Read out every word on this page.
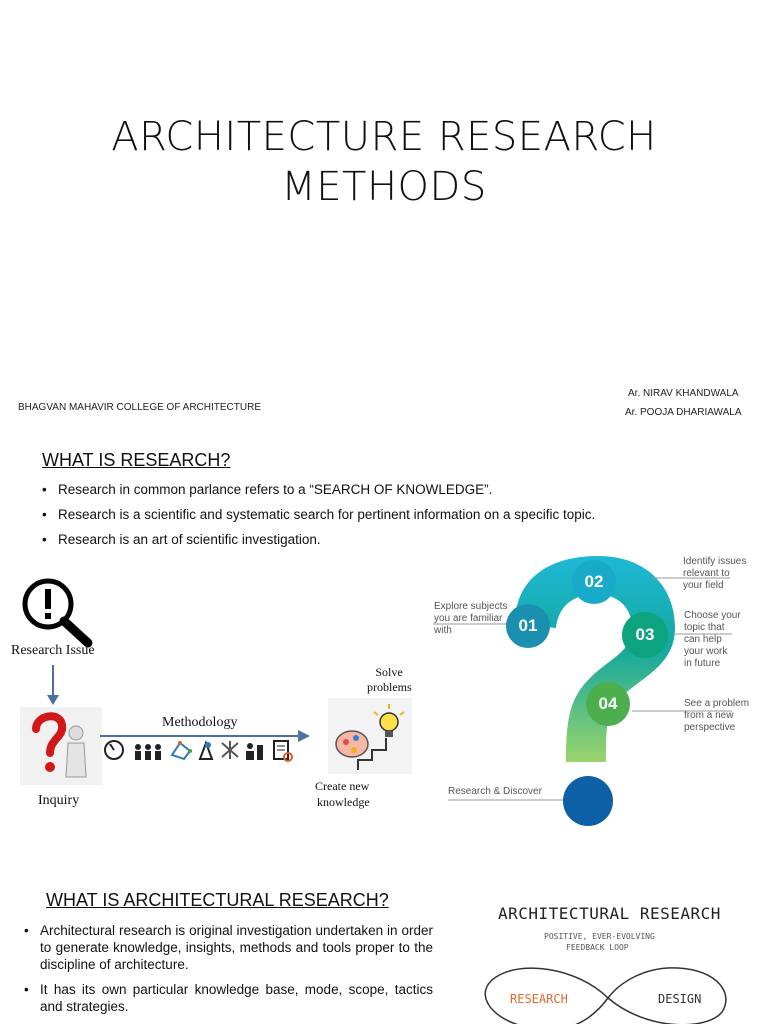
ARCHITECTURE RESEARCH
METHODS
BHAGVAN MAHAVIR COLLEGE OF ARCHITECTURE
Ar. NIRAV KHANDWALA
Ar. POOJA DHARIAWALA
WHAT IS RESEARCH?
• Research in common parlance refers to a “SEARCH OF KNOWLEDGE”.
• Research is a scientific and systematic search for pertinent information on a specific topic.
• Research is an art of scientific investigation.
Research Issue
Inquiry
Methodology
Solve
problems
Create new
knowledge
01
02
03
04
Explore subjects
you are familiar
with
Identify issues
relevant to
your field
Choose your
topic that
can help
your work
in future
See a problem
from a new
perspective
Research & Discover
WHAT IS ARCHITECTURAL RESEARCH?
• Architectural research is original investigation undertaken in order to generate knowledge, insights, methods and tools proper to the discipline of architecture.
• It has its own particular knowledge base, mode, scope, tactics and strategies.
ARCHITECTURAL RESEARCH
POSITIVE, EVER-EVOLVING
FEEDBACK LOOP
RESEARCH	DESIGN
